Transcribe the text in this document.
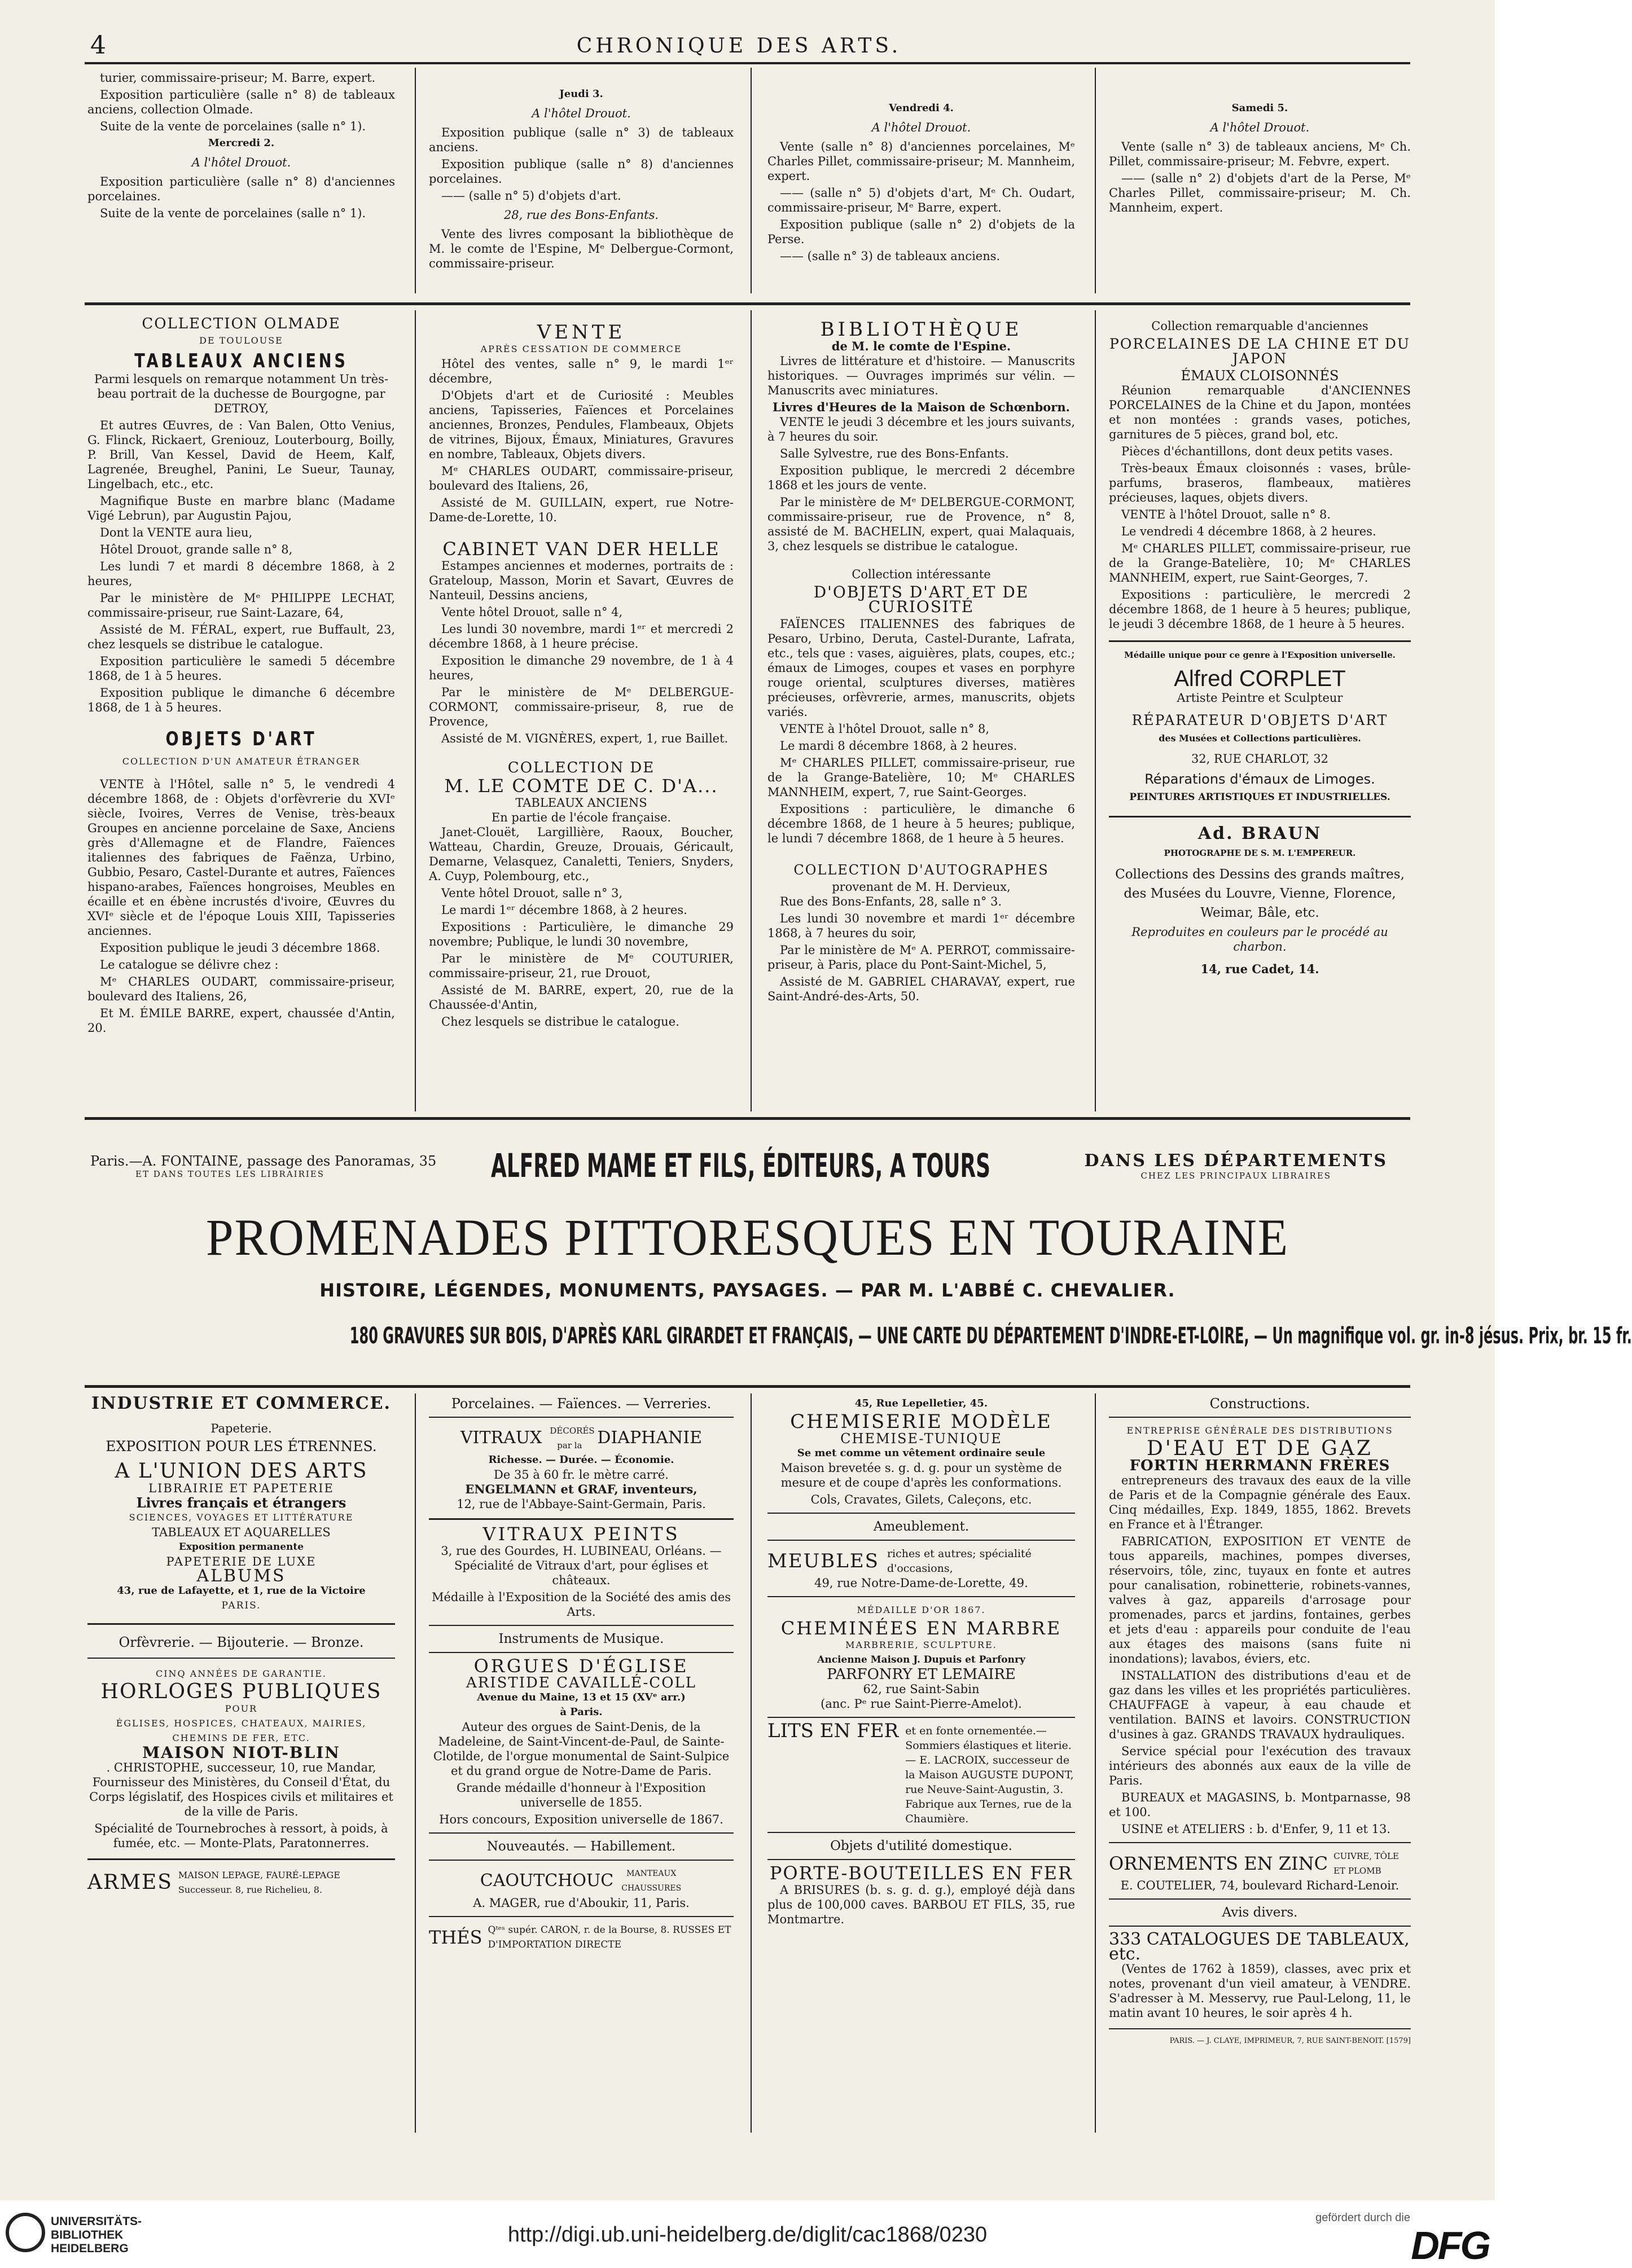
4	CHRONIQUE DES ARTS.

turier, commissaire-priseur; M. Barre, expert.

Exposition particulière (salle n° 8) de tableaux anciens, collection Olmade.

Suite de la vente de porcelaines (salle n° 1).

Mercredi 2.
A l'hôtel Drouot.

Exposition particulière (salle n° 8) d'anciennes porcelaines.

Suite de la vente de porcelaines (salle n° 1).

Jeudi 3.
A l'hôtel Drouot.

Exposition publique (salle n° 3) de tableaux anciens.

Exposition publique (salle n° 8) d'anciennes porcelaines.

—— (salle n° 5) d'objets d'art.

28, rue des Bons-Enfants.

Vente des livres composant la bibliothèque de M. le comte de l'Espine, Mᵉ Delbergue-Cormont, commissaire-priseur.

Vendredi 4.
A l'hôtel Drouot.

Vente (salle n° 8) d'anciennes porcelaines, Mᵉ Charles Pillet, commissaire-priseur; M. Mannheim, expert.

—— (salle n° 5) d'objets d'art, Mᵉ Ch. Oudart, commissaire-priseur, Mᵉ Barre, expert.

Exposition publique (salle n° 2) d'objets de la Perse.

—— (salle n° 3) de tableaux anciens.

Samedi 5.
A l'hôtel Drouot.

Vente (salle n° 3) de tableaux anciens, Mᵉ Ch. Pillet, commissaire-priseur; M. Febvre, expert.

—— (salle n° 2) d'objets d'art de la Perse, Mᵉ Charles Pillet, commissaire-priseur; M. Ch. Mannheim, expert.

COLLECTION OLMADE
DE TOULOUSE
TABLEAUX ANCIENS

Parmi lesquels on remarque notamment Un très-beau portrait de la duchesse de Bourgogne, par DETROY,

Et autres Œuvres, de : Van Balen, Otto Venius, G. Flinck, Rickaert, Greniouz, Louterbourg, Boilly, P. Brill, Van Kessel, David de Heem, Kalf, Lagrenée, Breughel, Panini, Le Sueur, Taunay, Lingelbach, etc., etc.

Magnifique Buste en marbre blanc (Madame Vigé Lebrun), par Augustin Pajou,

Dont la VENTE aura lieu,

Hôtel Drouot, grande salle n° 8,

Les lundi 7 et mardi 8 décembre 1868, à 2 heures,

Par le ministère de Mᵉ PHILIPPE LECHAT, commissaire-priseur, rue Saint-Lazare, 64,

Assisté de M. FÉRAL, expert, rue Buffault, 23, chez lesquels se distribue le catalogue.

Exposition particulière le samedi 5 décembre 1868, de 1 à 5 heures.

Exposition publique le dimanche 6 décembre 1868, de 1 à 5 heures.

OBJETS D'ART
COLLECTION D'UN AMATEUR ÉTRANGER

VENTE à l'Hôtel, salle n° 5, le vendredi 4 décembre 1868, de : Objets d'orfèvrerie du XVIᵉ siècle, Ivoires, Verres de Venise, très-beaux Groupes en ancienne porcelaine de Saxe, Anciens grès d'Allemagne et de Flandre, Faïences italiennes des fabriques de Faënza, Urbino, Gubbio, Pesaro, Castel-Durante et autres, Faïences hispano-arabes, Faïences hongroises, Meubles en écaille et en ébène incrustés d'ivoire, Œuvres du XVIᵉ siècle et de l'époque Louis XIII, Tapisseries anciennes.

Exposition publique le jeudi 3 décembre 1868.

Le catalogue se délivre chez :

Mᵉ CHARLES OUDART, commissaire-priseur, boulevard des Italiens, 26,

Et M. ÉMILE BARRE, expert, chaussée d'Antin, 20.

VENTE
APRÈS CESSATION DE COMMERCE

Hôtel des ventes, salle n° 9, le mardi 1ᵉʳ décembre,

D'Objets d'art et de Curiosité : Meubles anciens, Tapisseries, Faïences et Porcelaines anciennes, Bronzes, Pendules, Flambeaux, Objets de vitrines, Bijoux, Émaux, Miniatures, Gravures en nombre, Tableaux, Objets divers.

Mᵉ CHARLES OUDART, commissaire-priseur, boulevard des Italiens, 26,

Assisté de M. GUILLAIN, expert, rue Notre-Dame-de-Lorette, 10.

CABINET VAN DER HELLE

Estampes anciennes et modernes, portraits de : Grateloup, Masson, Morin et Savart, Œuvres de Nanteuil, Dessins anciens,

Vente hôtel Drouot, salle n° 4,

Les lundi 30 novembre, mardi 1ᵉʳ et mercredi 2 décembre 1868, à 1 heure précise.

Exposition le dimanche 29 novembre, de 1 à 4 heures,

Par le ministère de Mᵉ DELBERGUE-CORMONT, commissaire-priseur, 8, rue de Provence,

Assisté de M. VIGNÈRES, expert, 1, rue Baillet.

COLLECTION DE
M. LE COMTE DE C. D'A...
TABLEAUX ANCIENS
En partie de l'école française.

Janet-Clouët, Largillière, Raoux, Boucher, Watteau, Chardin, Greuze, Drouais, Géricault, Demarne, Velasquez, Canaletti, Teniers, Snyders, A. Cuyp, Polembourg, etc.,

Vente hôtel Drouot, salle n° 3,

Le mardi 1ᵉʳ décembre 1868, à 2 heures.

Expositions : Particulière, le dimanche 29 novembre; Publique, le lundi 30 novembre,

Par le ministère de Mᵉ COUTURIER, commissaire-priseur, 21, rue Drouot,

Assisté de M. BARRE, expert, 20, rue de la Chaussée-d'Antin,

Chez lesquels se distribue le catalogue.

BIBLIOTHÈQUE
de M. le comte de l'Espine.

Livres de littérature et d'histoire. — Manuscrits historiques. — Ouvrages imprimés sur vélin. — Manuscrits avec miniatures.

Livres d'Heures de la Maison de Schœnborn.

VENTE le jeudi 3 décembre et les jours suivants, à 7 heures du soir.

Salle Sylvestre, rue des Bons-Enfants.

Exposition publique, le mercredi 2 décembre 1868 et les jours de vente.

Par le ministère de Mᵉ DELBERGUE-CORMONT, commissaire-priseur, rue de Provence, n° 8, assisté de M. BACHELIN, expert, quai Malaquais, 3, chez lesquels se distribue le catalogue.

Collection intéressante
D'OBJETS D'ART ET DE CURIOSITÉ

FAÏENCES ITALIENNES des fabriques de Pesaro, Urbino, Deruta, Castel-Durante, Lafrata, etc., tels que : vases, aiguières, plats, coupes, etc.; émaux de Limoges, coupes et vases en porphyre rouge oriental, sculptures diverses, matières précieuses, orfèvrerie, armes, manuscrits, objets variés.

VENTE à l'hôtel Drouot, salle n° 8,

Le mardi 8 décembre 1868, à 2 heures.

Mᵉ CHARLES PILLET, commissaire-priseur, rue de la Grange-Batelière, 10; Mᵉ CHARLES MANNHEIM, expert, 7, rue Saint-Georges.

Expositions : particulière, le dimanche 6 décembre 1868, de 1 heure à 5 heures; publique, le lundi 7 décembre 1868, de 1 heure à 5 heures.

COLLECTION D'AUTOGRAPHES
provenant de M. H. Dervieux,

Rue des Bons-Enfants, 28, salle n° 3.

Les lundi 30 novembre et mardi 1ᵉʳ décembre 1868, à 7 heures du soir,

Par le ministère de Mᵉ A. PERROT, commissaire-priseur, à Paris, place du Pont-Saint-Michel, 5,

Assisté de M. GABRIEL CHARAVAY, expert, rue Saint-André-des-Arts, 50.

Collection remarquable d'anciennes
PORCELAINES DE LA CHINE ET DU JAPON
ÉMAUX CLOISONNÉS

Réunion remarquable d'ANCIENNES PORCELAINES de la Chine et du Japon, montées et non montées : grands vases, potiches, garnitures de 5 pièces, grand bol, etc.

Pièces d'échantillons, dont deux petits vases.

Très-beaux Émaux cloisonnés : vases, brûle-parfums, braseros, flambeaux, matières précieuses, laques, objets divers.

VENTE à l'hôtel Drouot, salle n° 8.

Le vendredi 4 décembre 1868, à 2 heures.

Mᵉ CHARLES PILLET, commissaire-priseur, rue de la Grange-Batelière, 10; Mᵉ CHARLES MANNHEIM, expert, rue Saint-Georges, 7.

Expositions : particulière, le mercredi 2 décembre 1868, de 1 heure à 5 heures; publique, le jeudi 3 décembre 1868, de 1 heure à 5 heures.

Médaille unique pour ce genre à l'Exposition universelle.
Alfred CORPLET
Artiste Peintre et Sculpteur
RÉPARATEUR D'OBJETS D'ART
des Musées et Collections particulières.
32, RUE CHARLOT, 32
Réparations d'émaux de Limoges.
PEINTURES ARTISTIQUES ET INDUSTRIELLES.
Ad. BRAUN
PHOTOGRAPHE DE S. M. L'EMPEREUR.

Collections des Dessins des grands maîtres, des Musées du Louvre, Vienne, Florence, Weimar, Bâle, etc.

Reproduites en couleurs par le procédé au charbon.

14, rue Cadet, 14.
Paris.—A. FONTAINE, passage des Panoramas, 35
ET DANS TOUTES LES LIBRAIRIES	ALFRED MAME ET FILS, ÉDITEURS, A TOURS	DANS LES DÉPARTEMENTS
CHEZ LES PRINCIPAUX LIBRAIRES
PROMENADES PITTORESQUES EN TOURAINE
HISTOIRE, LÉGENDES, MONUMENTS, PAYSAGES. — PAR M. L'ABBÉ C. CHEVALIER.
180 GRAVURES SUR BOIS, D'APRÈS KARL GIRARDET ET FRANÇAIS, — UNE CARTE DU DÉPARTEMENT D'INDRE-ET-LOIRE, — Un magnifique vol. gr. in-8 jésus. Prix, br. 15 fr.
INDUSTRIE ET COMMERCE.
Papeterie.
EXPOSITION POUR LES ÉTRENNES.
A L'UNION DES ARTS
LIBRAIRIE ET PAPETERIE
Livres français et étrangers
SCIENCES, VOYAGES ET LITTÉRATURE
TABLEAUX ET AQUARELLES
Exposition permanente
PAPETERIE DE LUXE
ALBUMS
43, rue de Lafayette, et 1, rue de la Victoire
PARIS.
Orfèvrerie. — Bijouterie. — Bronze.
CINQ ANNÉES DE GARANTIE.
HORLOGES PUBLIQUES
POUR
ÉGLISES, HOSPICES, CHATEAUX, MAIRIES, CHEMINS DE FER, ETC.
MAISON NIOT-BLIN

. CHRISTOPHE, successeur, 10, rue Mandar, Fournisseur des Ministères, du Conseil d'État, du Corps législatif, des Hospices civils et militaires et de la ville de Paris.

Spécialité de Tournebroches à ressort, à poids, à fumée, etc. — Monte-Plats, Paratonnerres.

ARMES MAISON LEPAGE, FAURÉ-LEPAGE Successeur. 8, rue Richelieu, 8.
Porcelaines. — Faïences. — Verreries.
VITRAUX DÉCORÉS par la DIAPHANIE
Richesse. — Durée. — Économie.
De 35 à 60 fr. le mètre carré.
ENGELMANN et GRAF, inventeurs,
12, rue de l'Abbaye-Saint-Germain, Paris.
VITRAUX PEINTS

3, rue des Gourdes, H. LUBINEAU, Orléans. — Spécialité de Vitraux d'art, pour églises et châteaux.

Médaille à l'Exposition de la Société des amis des Arts.

Instruments de Musique.
ORGUES D'ÉGLISE
ARISTIDE CAVAILLÉ-COLL
Avenue du Maine, 13 et 15 (XVᵉ arr.)
à Paris.

Auteur des orgues de Saint-Denis, de la Madeleine, de Saint-Vincent-de-Paul, de Sainte-Clotilde, de l'orgue monumental de Saint-Sulpice et du grand orgue de Notre-Dame de Paris.

Grande médaille d'honneur à l'Exposition universelle de 1855.

Hors concours, Exposition universelle de 1867.

Nouveautés. — Habillement.
CAOUTCHOUC	MANTEAUX CHAUSSURES
A. MAGER, rue d'Aboukir, 11, Paris.
THÉS Qᵗᵉˢ supér. CARON, r. de la Bourse, 8. RUSSES ET D'IMPORTATION DIRECTE
45, Rue Lepelletier, 45.
CHEMISERIE MODÈLE
CHEMISE-TUNIQUE
Se met comme un vêtement ordinaire seule

Maison brevetée s. g. d. g. pour un système de mesure et de coupe d'après les conformations.

Cols, Cravates, Gilets, Caleçons, etc.

Ameublement.
MEUBLES riches et autres; spécialité d'occasions,
49, rue Notre-Dame-de-Lorette, 49.
MÉDAILLE D'OR 1867.
CHEMINÉES EN MARBRE
MARBRERIE, SCULPTURE.
Ancienne Maison J. Dupuis et Parfonry
PARFONRY ET LEMAIRE
62, rue Saint-Sabin
(anc. Pᵉ rue Saint-Pierre-Amelot).
LITS EN FER et en fonte ornementée.— Sommiers élastiques et literie. — E. LACROIX, successeur de la Maison AUGUSTE DUPONT, rue Neuve-Saint-Augustin, 3. Fabrique aux Ternes, rue de la Chaumière.
Objets d'utilité domestique.
PORTE-BOUTEILLES EN FER

A BRISURES (b. s. g. d. g.), employé déjà dans plus de 100,000 caves. BARBOU ET FILS, 35, rue Montmartre.

Constructions.
ENTREPRISE GÉNÉRALE DES DISTRIBUTIONS
D'EAU ET DE GAZ
FORTIN HERRMANN FRÈRES

entrepreneurs des travaux des eaux de la ville de Paris et de la Compagnie générale des Eaux. Cinq médailles, Exp. 1849, 1855, 1862. Brevets en France et à l'Étranger.

FABRICATION, EXPOSITION ET VENTE de tous appareils, machines, pompes diverses, réservoirs, tôle, zinc, tuyaux en fonte et autres pour canalisation, robinetterie, robinets-vannes, valves à gaz, appareils d'arrosage pour promenades, parcs et jardins, fontaines, gerbes et jets d'eau : appareils pour conduite de l'eau aux étages des maisons (sans fuite ni inondations); lavabos, éviers, etc.

INSTALLATION des distributions d'eau et de gaz dans les villes et les propriétés particulières. CHAUFFAGE à vapeur, à eau chaude et ventilation. BAINS et lavoirs. CONSTRUCTION d'usines à gaz. GRANDS TRAVAUX hydrauliques.

Service spécial pour l'exécution des travaux intérieurs des abonnés aux eaux de la ville de Paris.

BUREAUX et MAGASINS, b. Montparnasse, 98 et 100.

USINE et ATELIERS : b. d'Enfer, 9, 11 et 13.

ORNEMENTS EN ZINC CUIVRE, TÔLE ET PLOMB
E. COUTELIER, 74, boulevard Richard-Lenoir.
Avis divers.
333 CATALOGUES DE TABLEAUX, etc.

(Ventes de 1762 à 1859), classes, avec prix et notes, provenant d'un vieil amateur, à VENDRE. S'adresser à M. Messervy, rue Paul-Lelong, 11, le matin avant 10 heures, le soir après 4 h.

PARIS. — J. CLAYE, IMPRIMEUR, 7, RUE SAINT-BENOIT. [1579]
UNIVERSITÄTS- BIBLIOTHEK HEIDELBERG
http://digi.ub.uni-heidelberg.de/diglit/cac1868/0230
gefördert durch die
DFG
